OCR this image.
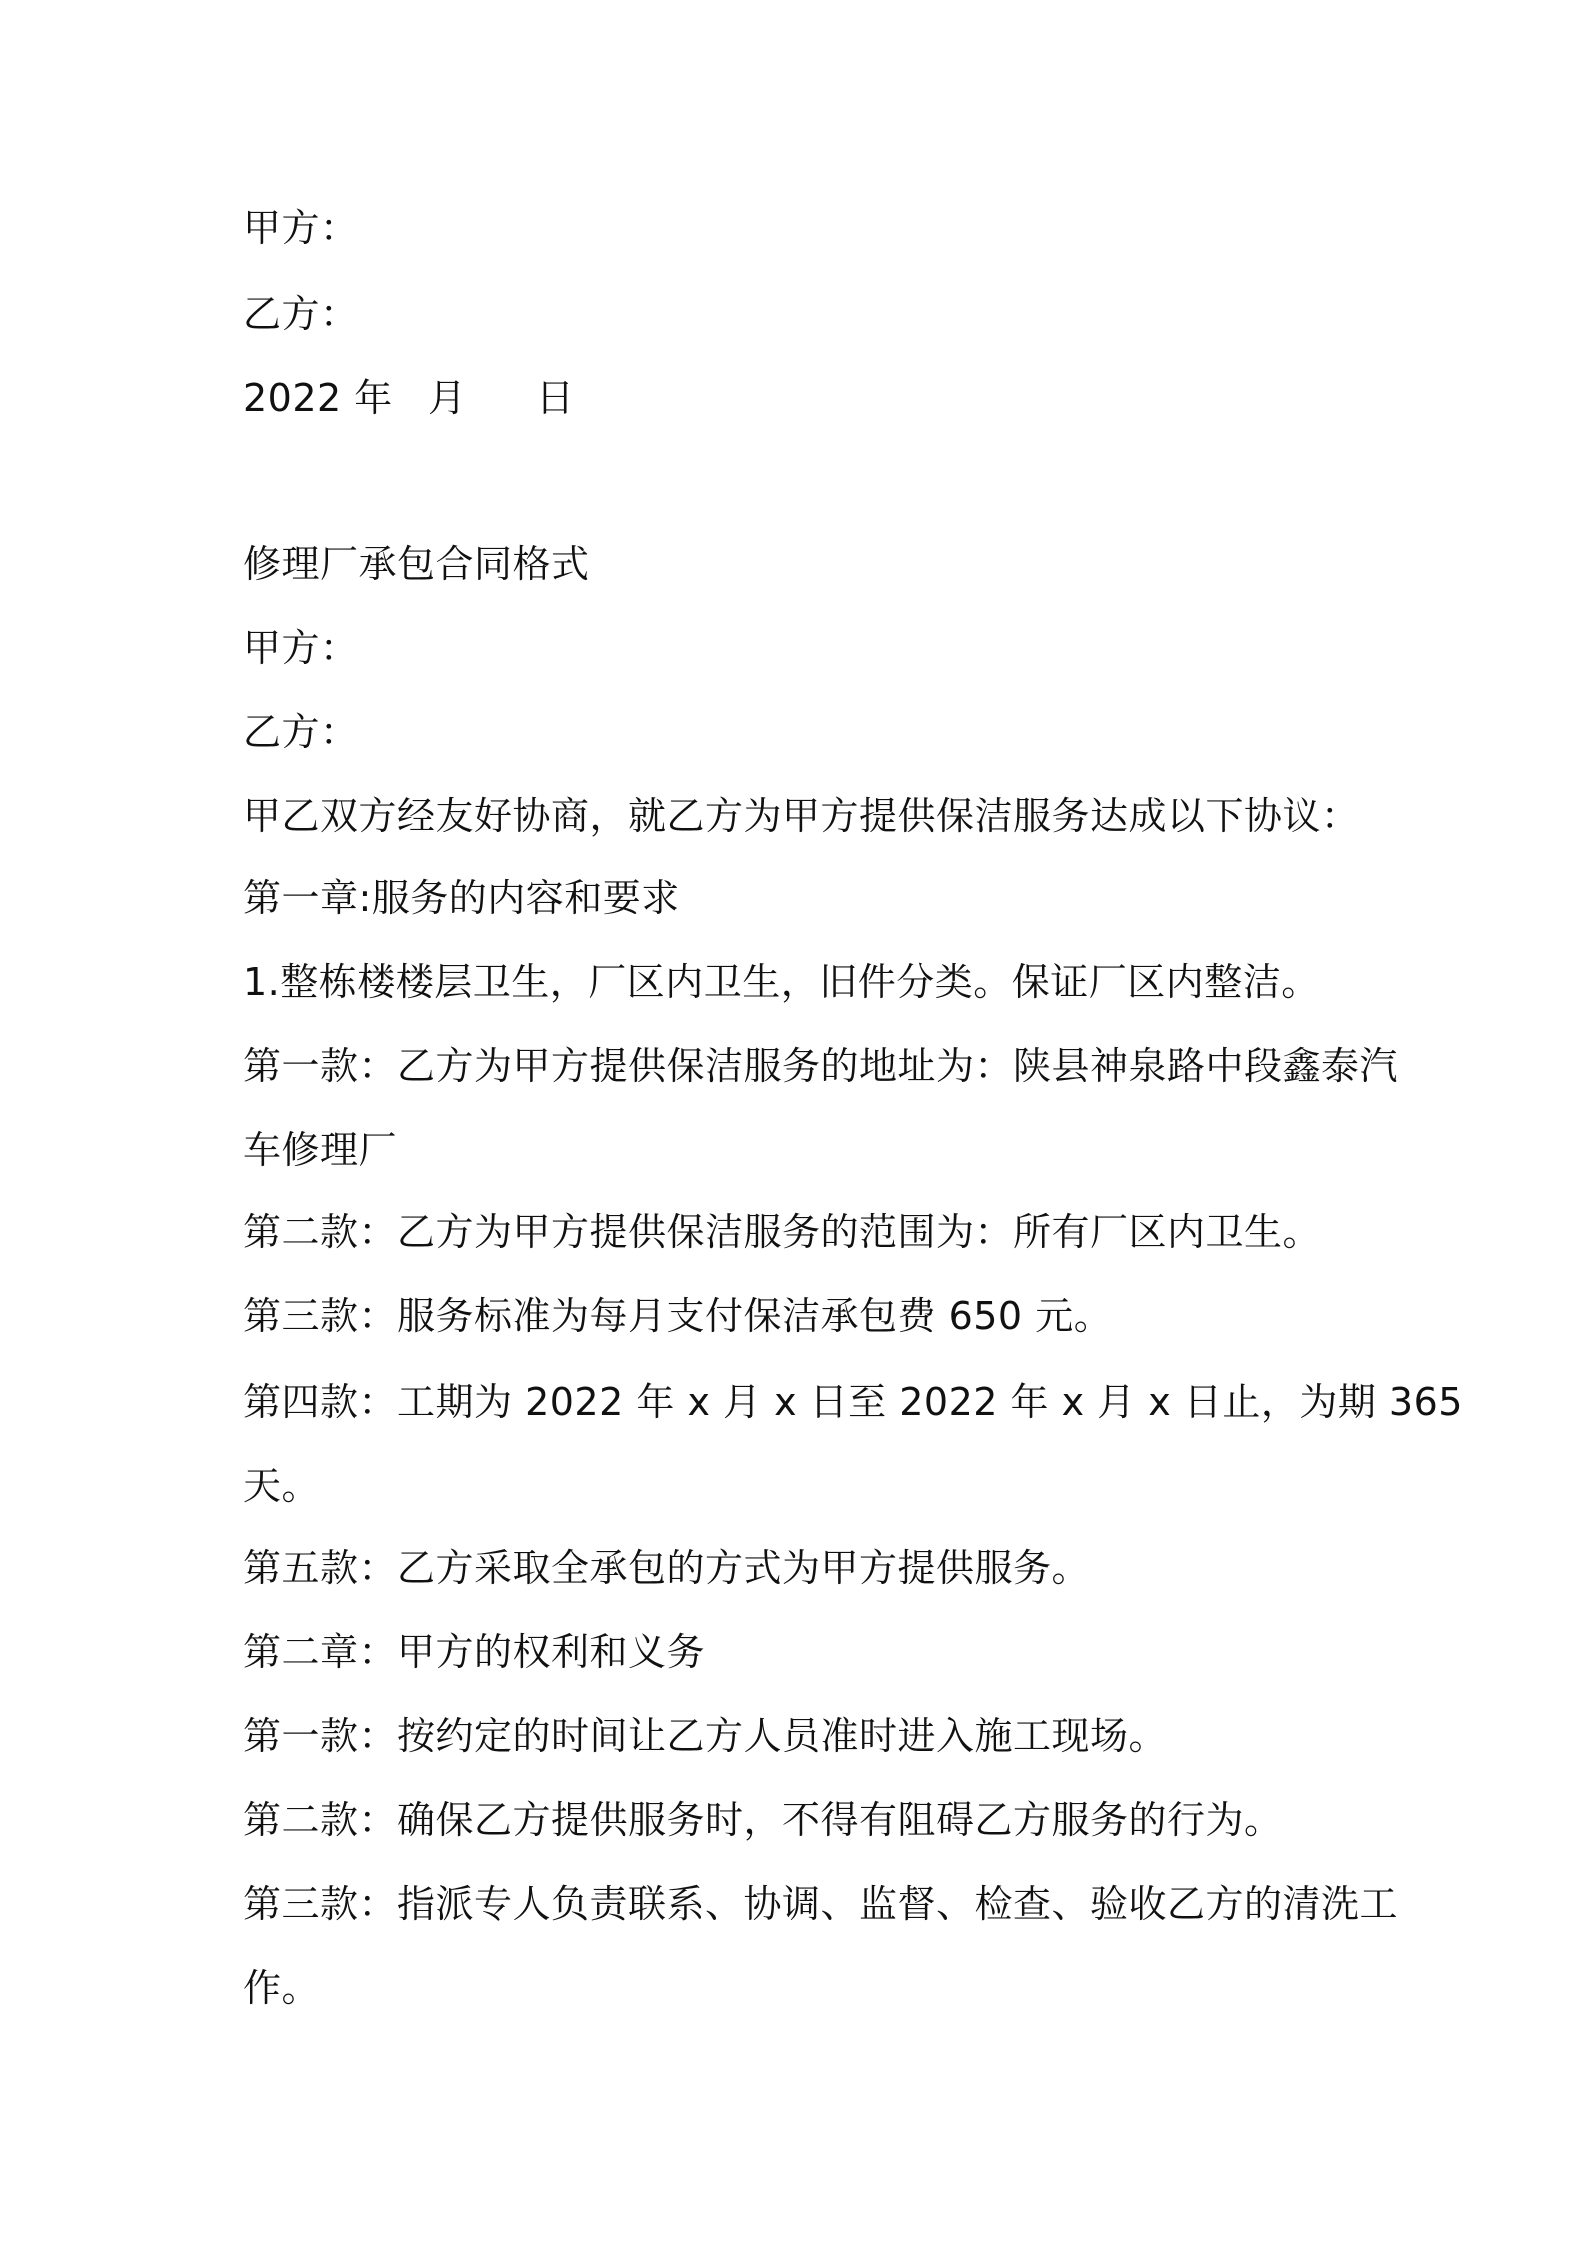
甲方：
乙方：
2022 年 月 日
修理厂承包合同格式
甲方：
乙方：
甲乙双方经友好协商，就乙方为甲方提供保洁服务达成以下协议：
第一章:服务的内容和要求
1.整栋楼楼层卫生，厂区内卫生，旧件分类。保证厂区内整洁。
第一款：乙方为甲方提供保洁服务的地址为：陕县神泉路中段鑫泰汽
车修理厂
第二款：乙方为甲方提供保洁服务的范围为：所有厂区内卫生。
第三款：服务标准为每月支付保洁承包费 650 元。
第四款：工期为 2022 年 x 月 x 日至 2022 年 x 月 x 日止，为期 365
天。
第五款：乙方采取全承包的方式为甲方提供服务。
第二章：甲方的权利和义务
第一款：按约定的时间让乙方人员准时进入施工现场。
第二款：确保乙方提供服务时，不得有阻碍乙方服务的行为。
第三款：指派专人负责联系、协调、监督、检查、验收乙方的清洗工
作。
